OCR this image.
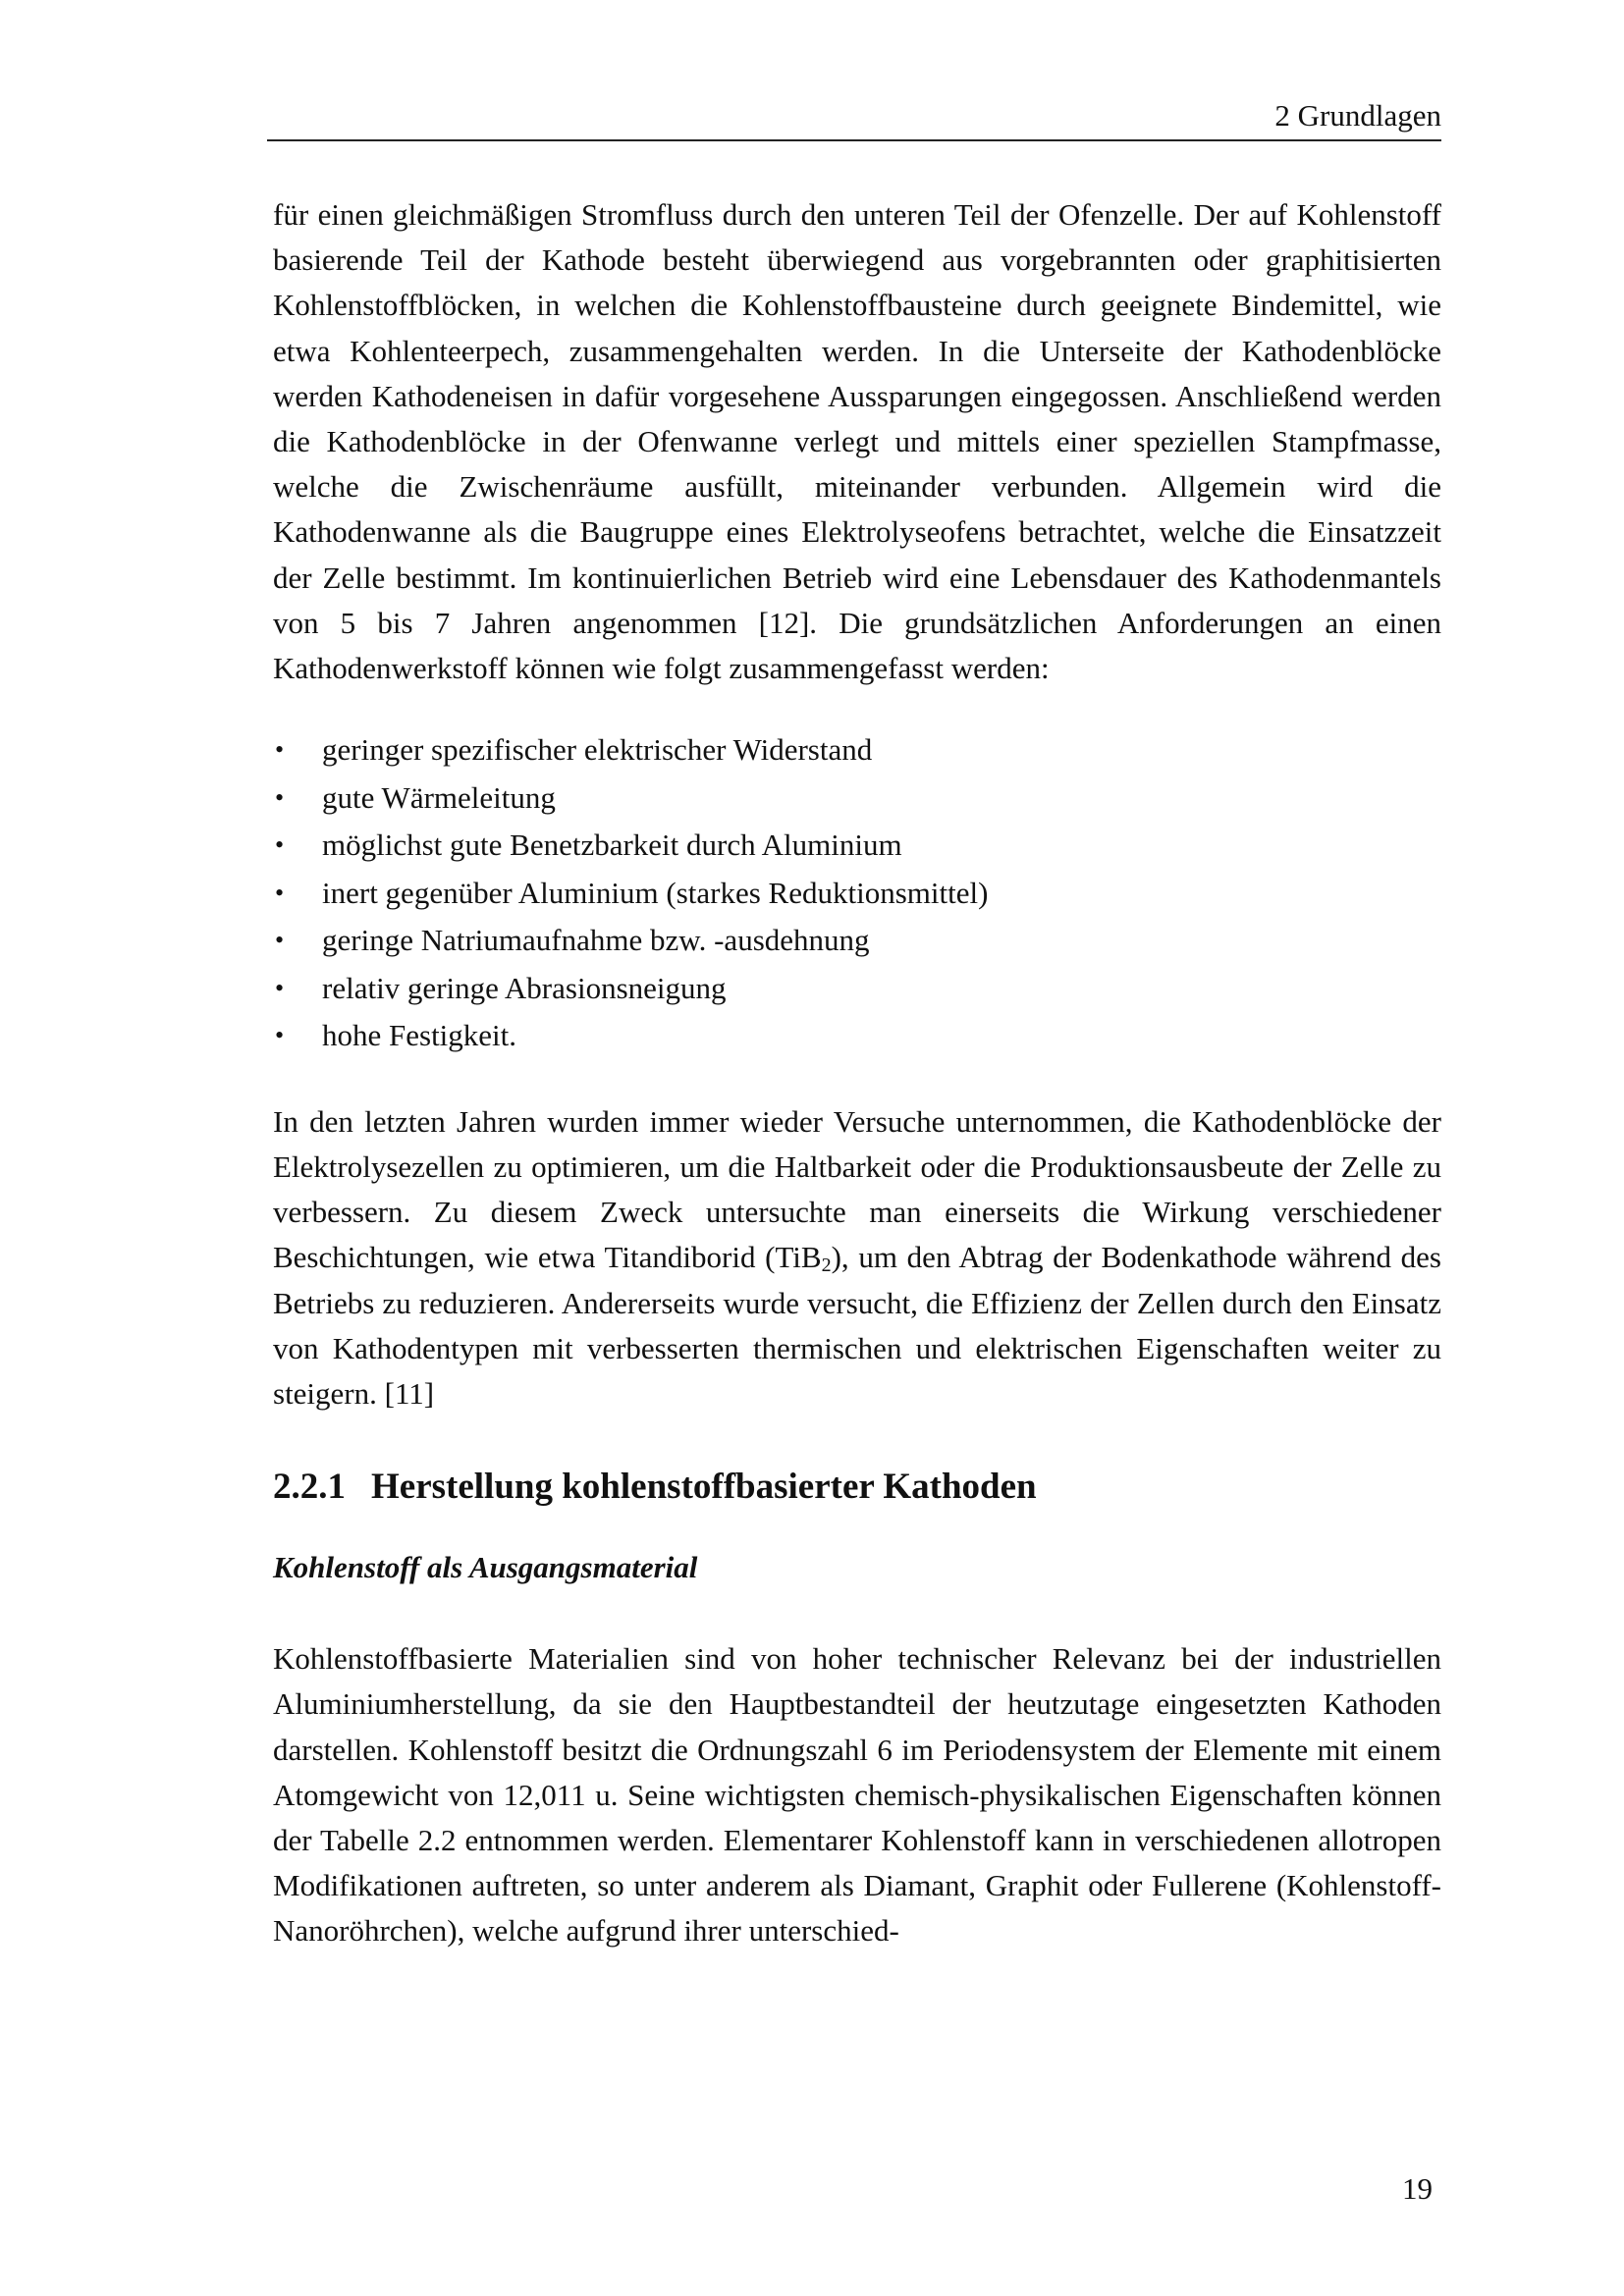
2 Grundlagen

für einen gleichmäßigen Stromfluss durch den unteren Teil der Ofenzelle. Der auf Kohlenstoff basierende Teil der Kathode besteht überwiegend aus vorgebrannten oder graphitisierten Kohlenstoffblöcken, in welchen die Kohlenstoffbausteine durch geeignete Bindemittel, wie etwa Kohlenteerpech, zusammengehalten werden. In die Unterseite der Kathodenblöcke werden Kathodeneisen in dafür vorgesehene Aussparungen eingegossen. Anschließend werden die Kathodenblöcke in der Ofenwanne verlegt und mittels einer speziellen Stampfmasse, welche die Zwischenräume ausfüllt, miteinander verbunden. Allgemein wird die Kathodenwanne als die Baugruppe eines Elektrolyseofens betrachtet, welche die Einsatzzeit der Zelle bestimmt. Im kontinuierlichen Betrieb wird eine Lebensdauer des Kathodenmantels von 5 bis 7 Jahren angenommen [12]. Die grundsätzlichen Anforderungen an einen Kathodenwerkstoff können wie folgt zusammengefasst werden:

• geringer spezifischer elektrischer Widerstand
• gute Wärmeleitung
• möglichst gute Benetzbarkeit durch Aluminium
• inert gegenüber Aluminium (starkes Reduktionsmittel)
• geringe Natriumaufnahme bzw. -ausdehnung
• relativ geringe Abrasionsneigung
• hohe Festigkeit.

In den letzten Jahren wurden immer wieder Versuche unternommen, die Kathodenblöcke der Elektrolysezellen zu optimieren, um die Haltbarkeit oder die Produktionsausbeute der Zelle zu verbessern. Zu diesem Zweck untersuchte man einerseits die Wirkung verschiedener Beschichtungen, wie etwa Titandiborid (TiB$_2$), um den Abtrag der Bodenkathode während des Betriebs zu reduzieren. Andererseits wurde versucht, die Effizienz der Zellen durch den Einsatz von Kathodentypen mit verbesserten thermischen und elektrischen Eigenschaften weiter zu steigern. [11]

2.2.1 Herstellung kohlenstoffbasierter Kathoden
Kohlenstoff als Ausgangsmaterial

Kohlenstoffbasierte Materialien sind von hoher technischer Relevanz bei der industriellen Aluminiumherstellung, da sie den Hauptbestandteil der heutzutage eingesetzten Kathoden darstellen. Kohlenstoff besitzt die Ordnungszahl 6 im Periodensystem der Elemente mit einem Atomgewicht von 12,011 u. Seine wichtigsten chemisch-physikalischen Eigenschaften können der Tabelle 2.2 entnommen werden. Elementarer Kohlenstoff kann in verschiedenen allotropen Modifikationen auftreten, so unter anderem als Diamant, Graphit oder Fullerene (Kohlenstoff-Nanoröhrchen), welche aufgrund ihrer unterschied-

19
